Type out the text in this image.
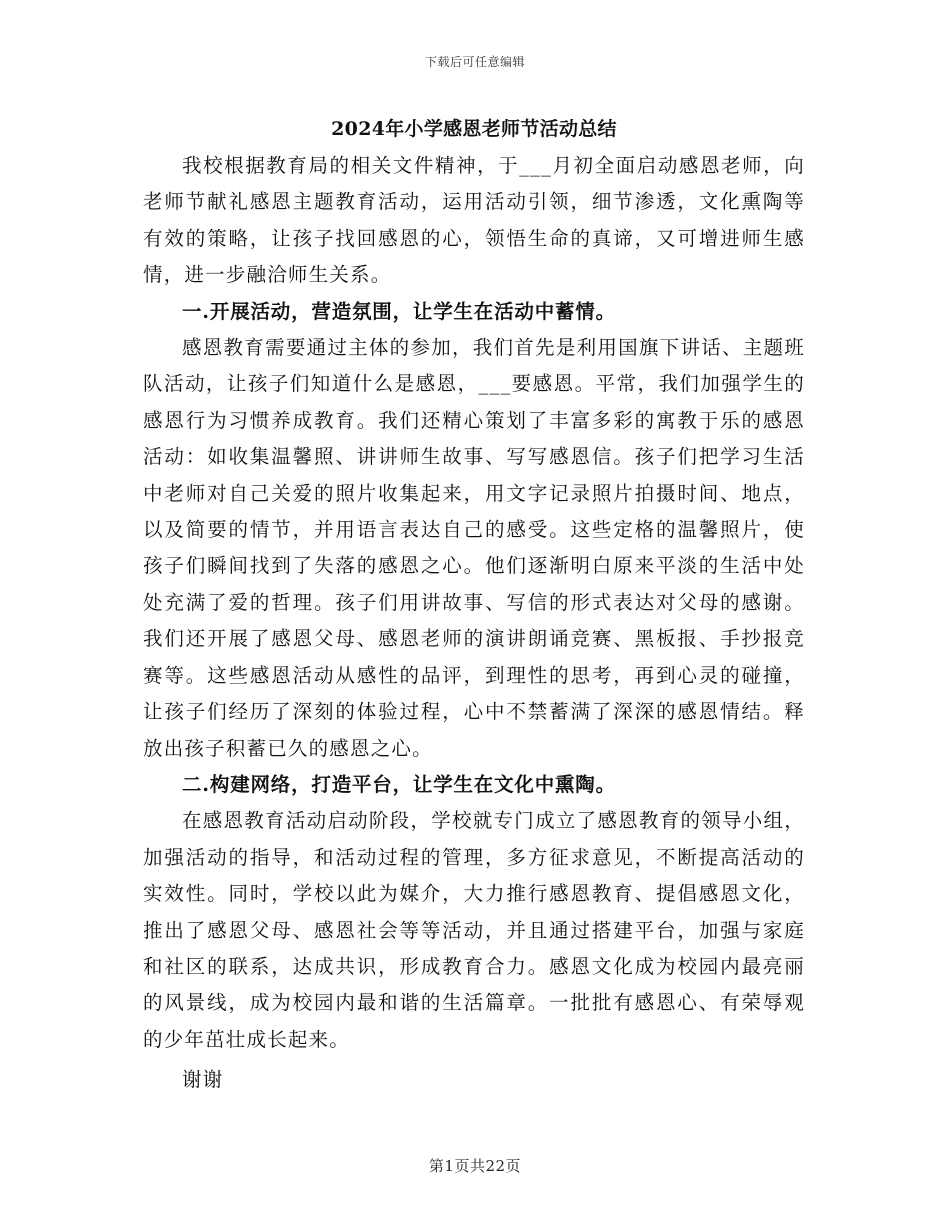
下载后可任意编辑
2024年小学感恩老师节活动总结

我校根据教育局的相关文件精神，于___月初全面启动感恩老师，向老师节献礼感恩主题教育活动，运用活动引领，细节渗透，文化熏陶等有效的策略，让孩子找回感恩的心，领悟生命的真谛，又可增进师生感情，进一步融洽师生关系。

一.开展活动，营造氛围，让学生在活动中蓄情。

感恩教育需要通过主体的参加，我们首先是利用国旗下讲话、主题班队活动，让孩子们知道什么是感恩，___要感恩。平常，我们加强学生的感恩行为习惯养成教育。我们还精心策划了丰富多彩的寓教于乐的感恩活动：如收集温馨照、讲讲师生故事、写写感恩信。孩子们把学习生活中老师对自己关爱的照片收集起来，用文字记录照片拍摄时间、地点，以及简要的情节，并用语言表达自己的感受。这些定格的温馨照片，使孩子们瞬间找到了失落的感恩之心。他们逐渐明白原来平淡的生活中处处充满了爱的哲理。孩子们用讲故事、写信的形式表达对父母的感谢。我们还开展了感恩父母、感恩老师的演讲朗诵竞赛、黑板报、手抄报竞赛等。这些感恩活动从感性的品评，到理性的思考，再到心灵的碰撞，让孩子们经历了深刻的体验过程，心中不禁蓄满了深深的感恩情结。释放出孩子积蓄已久的感恩之心。

二.构建网络，打造平台，让学生在文化中熏陶。

在感恩教育活动启动阶段，学校就专门成立了感恩教育的领导小组，加强活动的指导，和活动过程的管理，多方征求意见，不断提高活动的实效性。同时，学校以此为媒介，大力推行感恩教育、提倡感恩文化，推出了感恩父母、感恩社会等等活动，并且通过搭建平台，加强与家庭和社区的联系，达成共识，形成教育合力。感恩文化成为校园内最亮丽的风景线，成为校园内最和谐的生活篇章。一批批有感恩心、有荣辱观的少年茁壮成长起来。

谢谢

第1页共22页
